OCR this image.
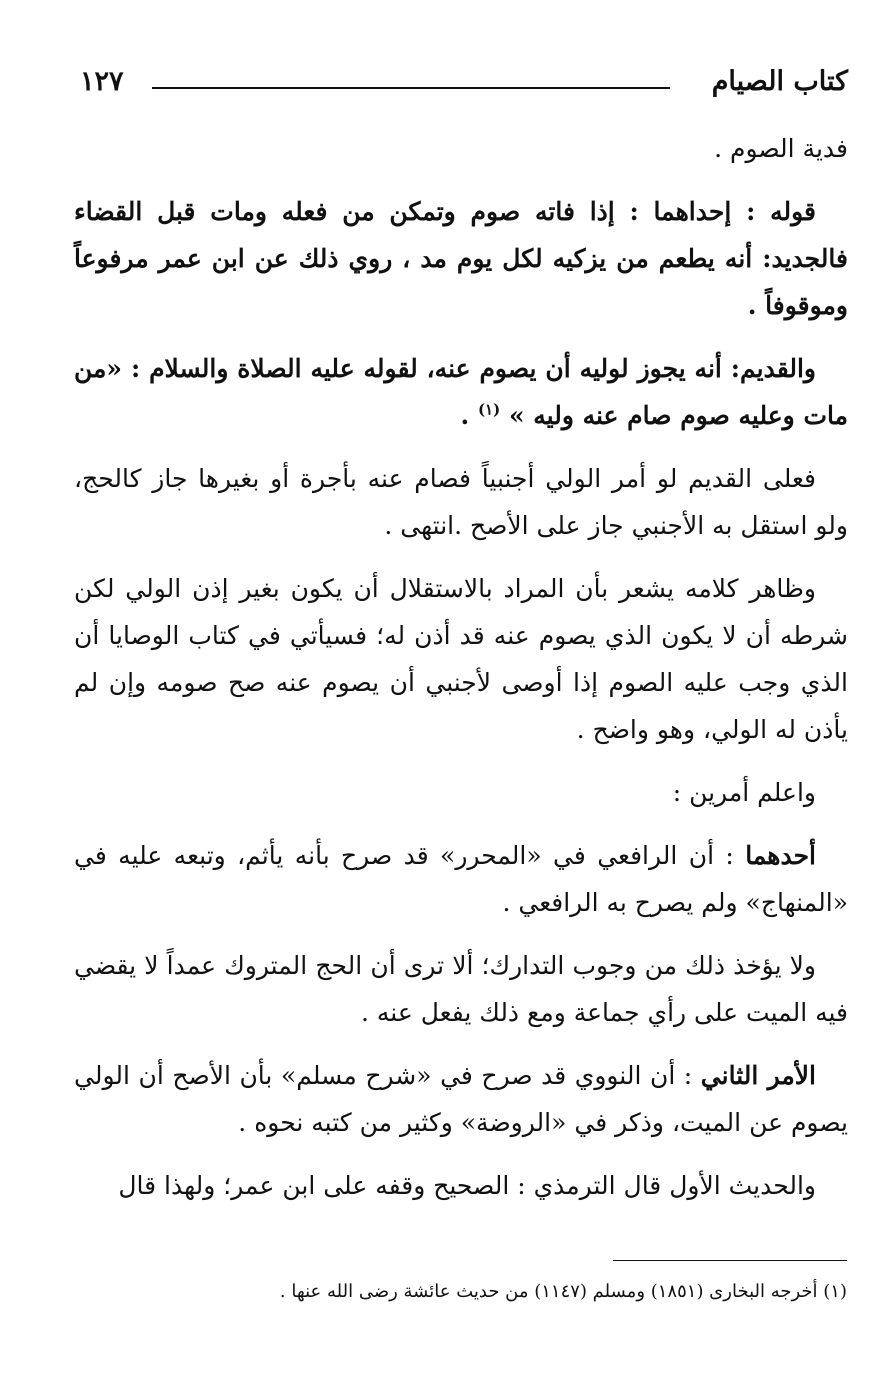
كتاب الصيام
١٢٧

فدية الصوم .

قوله : إحداهما : إذا فاته صوم وتمكن من فعله ومات قبل القضاء فالجديد: أنه يطعم من يزكيه لكل يوم مد ، روي ذلك عن ابن عمر مرفوعاً وموقوفاً .

والقديم: أنه يجوز لوليه أن يصوم عنه، لقوله عليه الصلاة والسلام : «من مات وعليه صوم صام عنه وليه » $^{(١)}$ .

فعلى القديم لو أمر الولي أجنبياً فصام عنه بأجرة أو بغيرها جاز كالحج، ولو استقل به الأجنبي جاز على الأصح .انتهى .

وظاهر كلامه يشعر بأن المراد بالاستقلال أن يكون بغير إذن الولي لكن شرطه أن لا يكون الذي يصوم عنه قد أذن له؛ فسيأتي في كتاب الوصايا أن الذي وجب عليه الصوم إذا أوصى لأجنبي أن يصوم عنه صح صومه وإن لم يأذن له الولي، وهو واضح .

واعلم أمرين :

أحدهما : أن الرافعي في «المحرر» قد صرح بأنه يأثم، وتبعه عليه في «المنهاج» ولم يصرح به الرافعي .

ولا يؤخذ ذلك من وجوب التدارك؛ ألا ترى أن الحج المتروك عمداً لا يقضي فيه الميت على رأي جماعة ومع ذلك يفعل عنه .

الأمر الثاني : أن النووي قد صرح في «شرح مسلم» بأن الأصح أن الولي يصوم عن الميت، وذكر في «الروضة» وكثير من كتبه نحوه .

والحديث الأول قال الترمذي : الصحيح وقفه على ابن عمر؛ ولهذا قال

(١) أخرجه البخارى (١٨٥١) ومسلم (١١٤٧) من حديث عائشة رضى الله عنها .
